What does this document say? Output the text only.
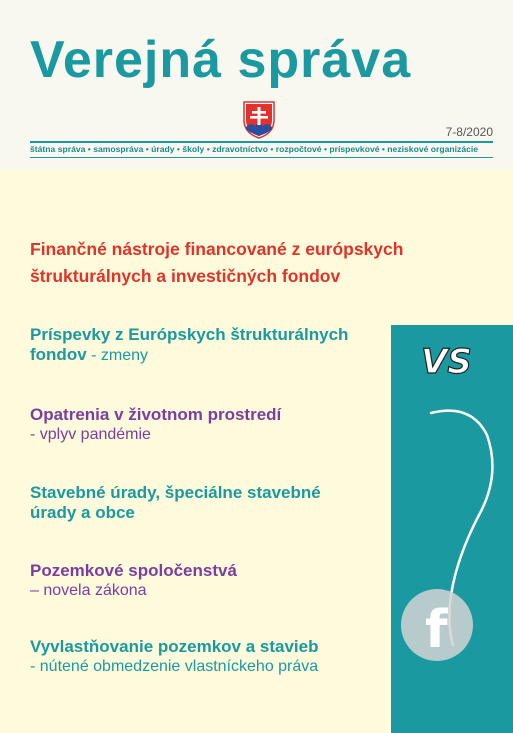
Verejná správa
7-8/2020
štátna správa • samospráva • úrady • školy • zdravotníctvo • rozpočtové • príspevkové • neziskové organizácie
Finančné nástroje financované z európskych
štrukturálnych a investičných fondov
VS
f
Príspevky z Európskych štrukturálnych
fondov - zmeny
Opatrenia v životnom prostredí
- vplyv pandémie
Stavebné úrady, špeciálne stavebné
úrady a obce
Pozemkové spoločenstvá
– novela zákona
Vyvlastňovanie pozemkov a stavieb
- nútené obmedzenie vlastníckeho práva
